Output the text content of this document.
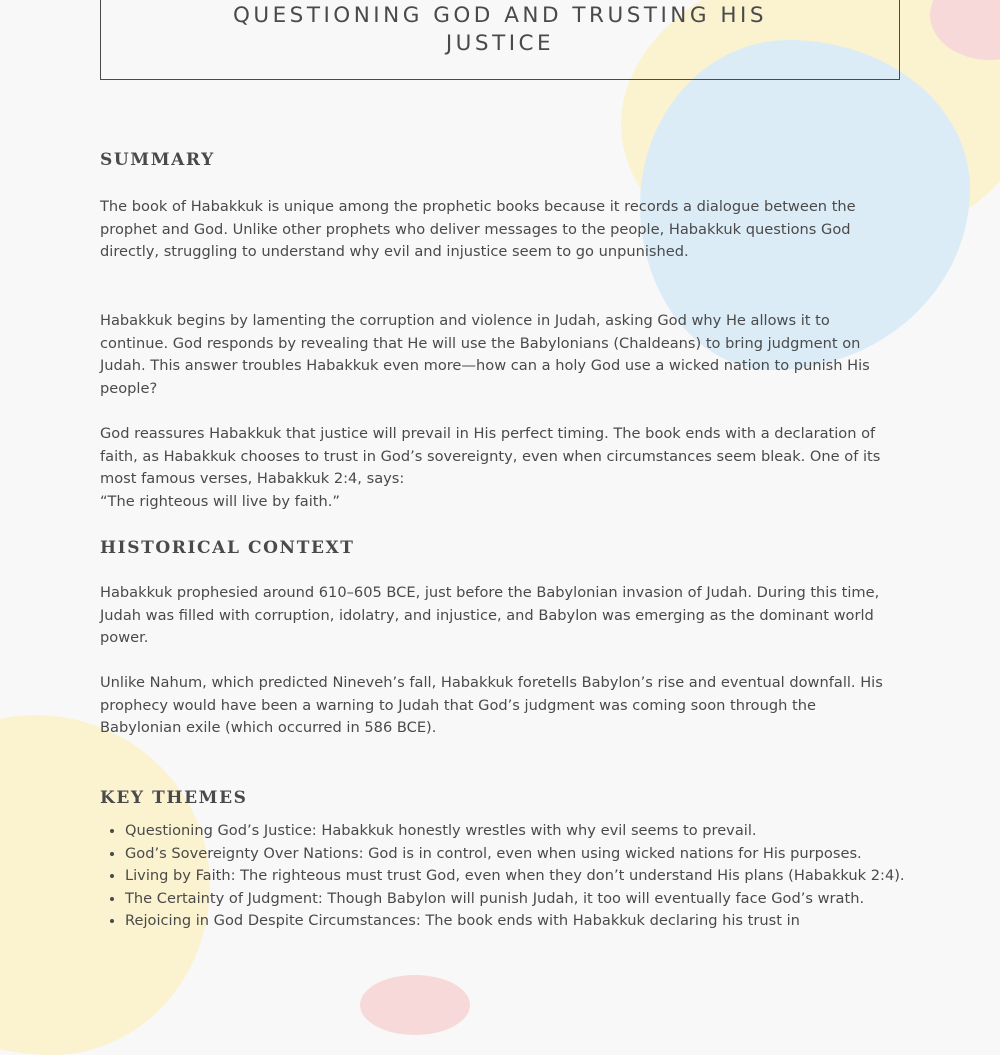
QUESTIONING GOD AND TRUSTING HIS JUSTICE
SUMMARY

The book of Habakkuk is unique among the prophetic books because it records a dialogue between the prophet and God. Unlike other prophets who deliver messages to the people, Habakkuk questions God directly, struggling to understand why evil and injustice seem to go unpunished.

Habakkuk begins by lamenting the corruption and violence in Judah, asking God why He allows it to continue. God responds by revealing that He will use the Babylonians (Chaldeans) to bring judgment on Judah. This answer troubles Habakkuk even more—how can a holy God use a wicked nation to punish His people?

God reassures Habakkuk that justice will prevail in His perfect timing. The book ends with a declaration of faith, as Habakkuk chooses to trust in God’s sovereignty, even when circumstances seem bleak. One of its most famous verses, Habakkuk 2:4, says:

“The righteous will live by faith.”

HISTORICAL CONTEXT

Habakkuk prophesied around 610–605 BCE, just before the Babylonian invasion of Judah. During this time, Judah was filled with corruption, idolatry, and injustice, and Babylon was emerging as the dominant world power.

Unlike Nahum, which predicted Nineveh’s fall, Habakkuk foretells Babylon’s rise and eventual downfall. His prophecy would have been a warning to Judah that God’s judgment was coming soon through the Babylonian exile (which occurred in 586 BCE).

KEY THEMES
• Questioning God’s Justice: Habakkuk honestly wrestles with why evil seems to prevail.
• God’s Sovereignty Over Nations: God is in control, even when using wicked nations for His purposes.
• Living by Faith: The righteous must trust God, even when they don’t understand His plans (Habakkuk 2:4).
• The Certainty of Judgment: Though Babylon will punish Judah, it too will eventually face God’s wrath.
• Rejoicing in God Despite Circumstances: The book ends with Habakkuk declaring his trust in
